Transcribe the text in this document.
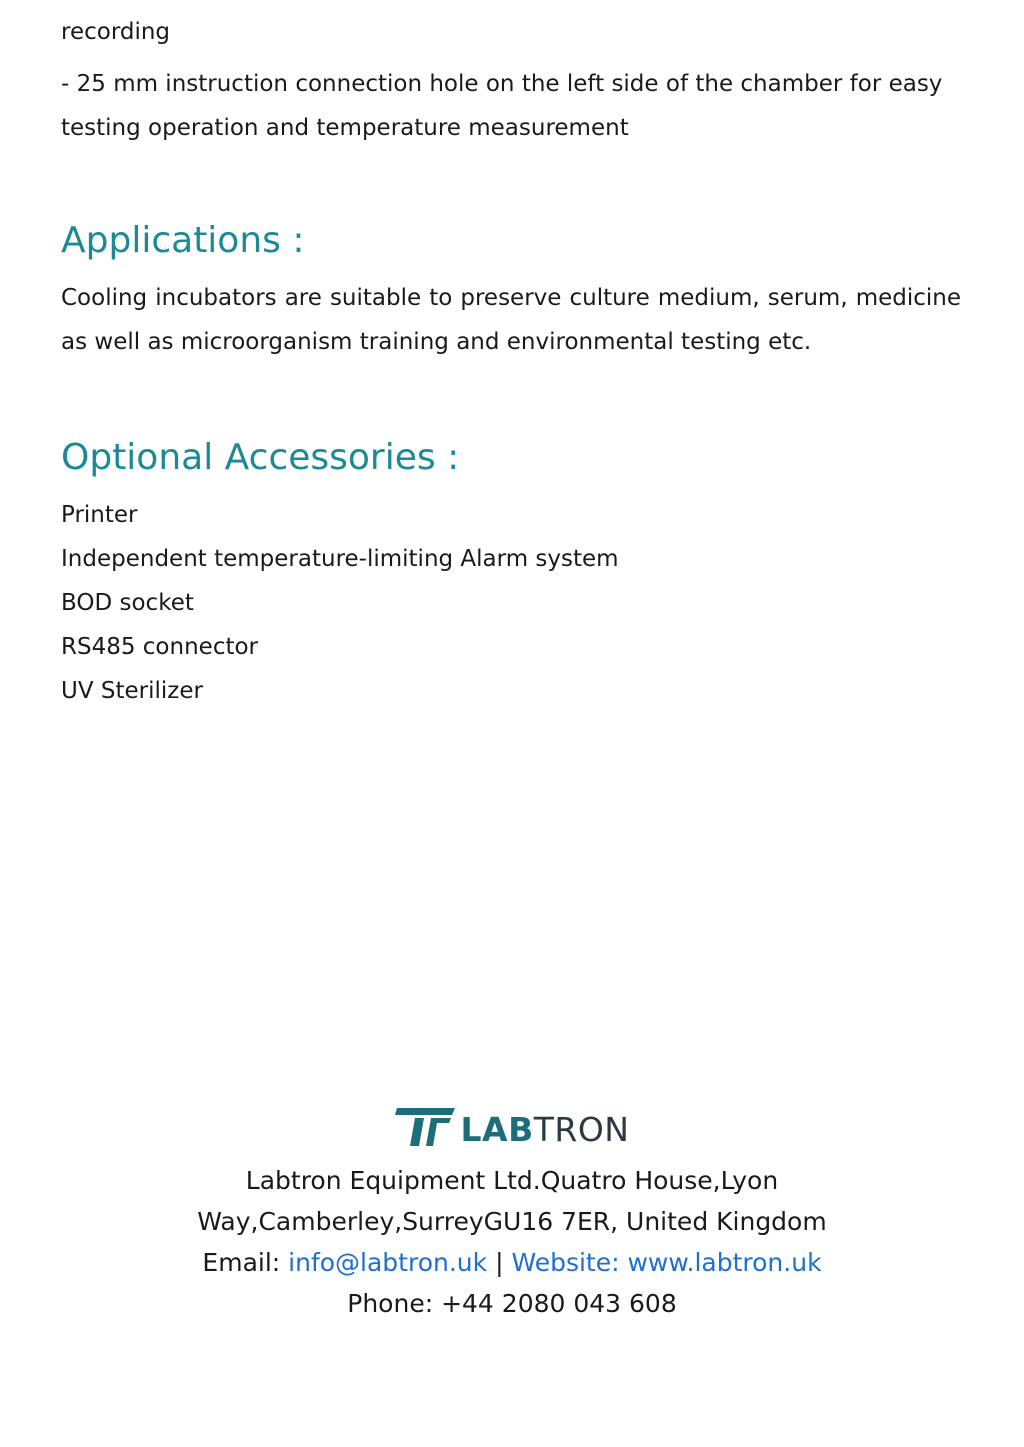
recording

- 25 mm instruction connection hole on the left side of the chamber for easy testing operation and temperature measurement

Applications :

Cooling incubators are suitable to preserve culture medium, serum, medicine as well as microorganism training and environmental testing etc.

Optional Accessories :

Printer

Independent temperature-limiting Alarm system

BOD socket

RS485 connector

UV Sterilizer

LABTRON

Labtron Equipment Ltd.Quatro House,Lyon

Way,Camberley,SurreyGU16 7ER, United Kingdom

Email: info@labtron.uk | Website: www.labtron.uk

Phone: +44 2080 043 608
